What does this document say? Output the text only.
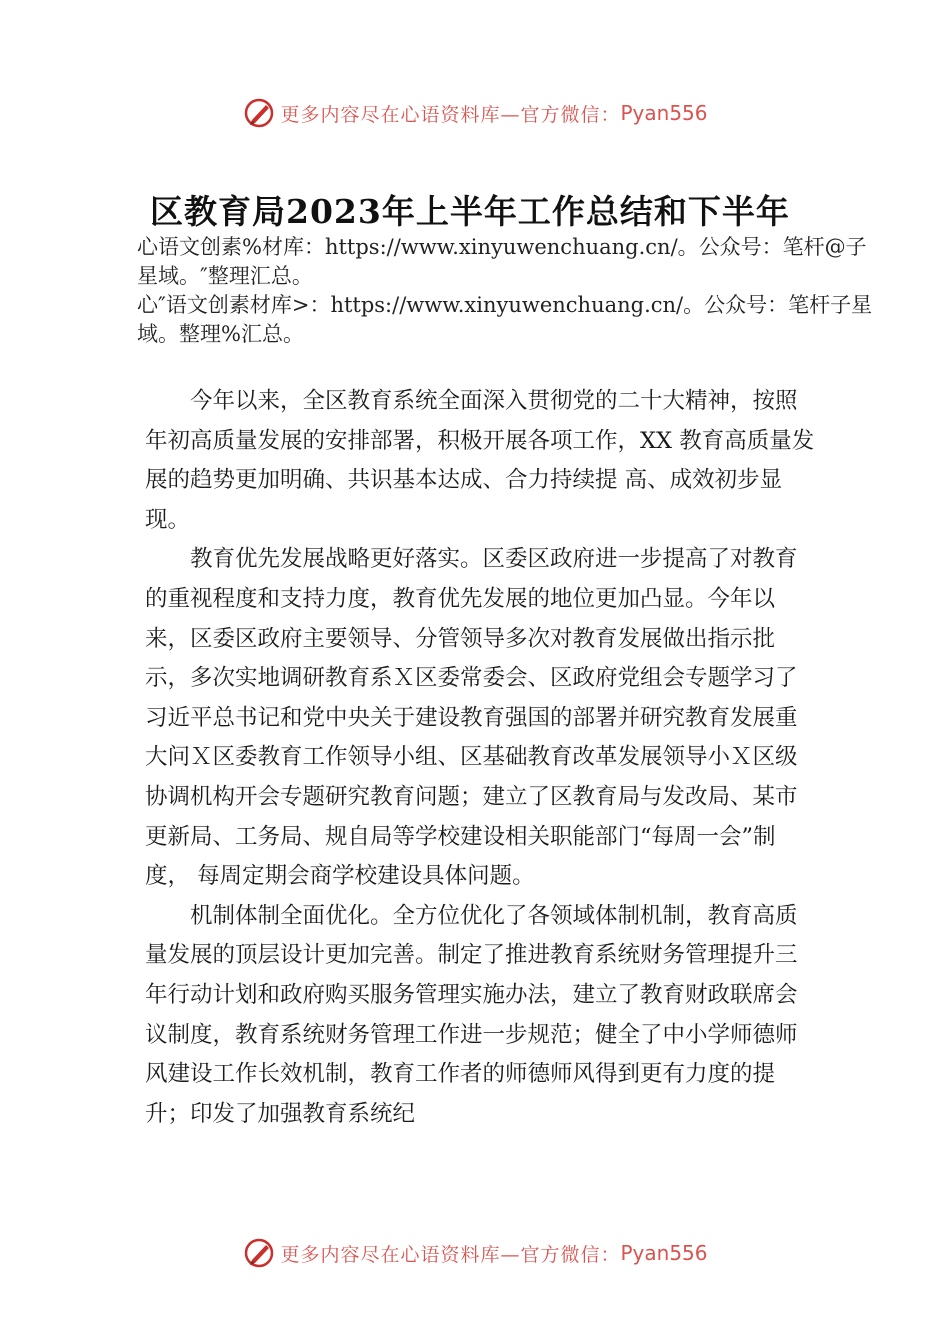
更多内容尽在心语资料库—官方微信： Pyan556
区教育局2023年上半年工作总结和下半年

心语文创素%材库：https://www.xinyuwenchuang.cn/。公众号：笔杆@子星域。″整理汇总。

心″语文创素材库>：https://www.xinyuwenchuang.cn/。公众号：笔杆子星域。整理%汇总。

今年以来，全区教育系统全面深入贯彻党的二十大精神，按照年初高质量发展的安排部署，积极开展各项工作，XX 教育高质量发展的趋势更加明确、共识基本达成、合力持续提 高、成效初步显现。

教育优先发展战略更好落实。区委区政府进一步提高了对教育的重视程度和支持力度，教育优先发展的地位更加凸显。今年以来，区委区政府主要领导、分管领导多次对教育发展做出指示批示，多次实地调研教育系Ｘ区委常委会、区政府党组会专题学习了习近平总书记和党中央关于建设教育强国的部署并研究教育发展重大问Ｘ区委教育工作领导小组、区基础教育改革发展领导小Ｘ区级协调机构开会专题研究教育问题；建立了区教育局与发改局、某市更新局、工务局、规自局等学校建设相关职能部门“每周一会”制度， 每周定期会商学校建设具体问题。

机制体制全面优化。全方位优化了各领域体制机制，教育高质量发展的顶层设计更加完善。制定了推进教育系统财务管理提升三年行动计划和政府购买服务管理实施办法，建立了教育财政联席会议制度，教育系统财务管理工作进一步规范；健全了中小学师德师风建设工作长效机制，教育工作者的师德师风得到更有力度的提升；印发了加强教育系统纪

更多内容尽在心语资料库—官方微信： Pyan556
